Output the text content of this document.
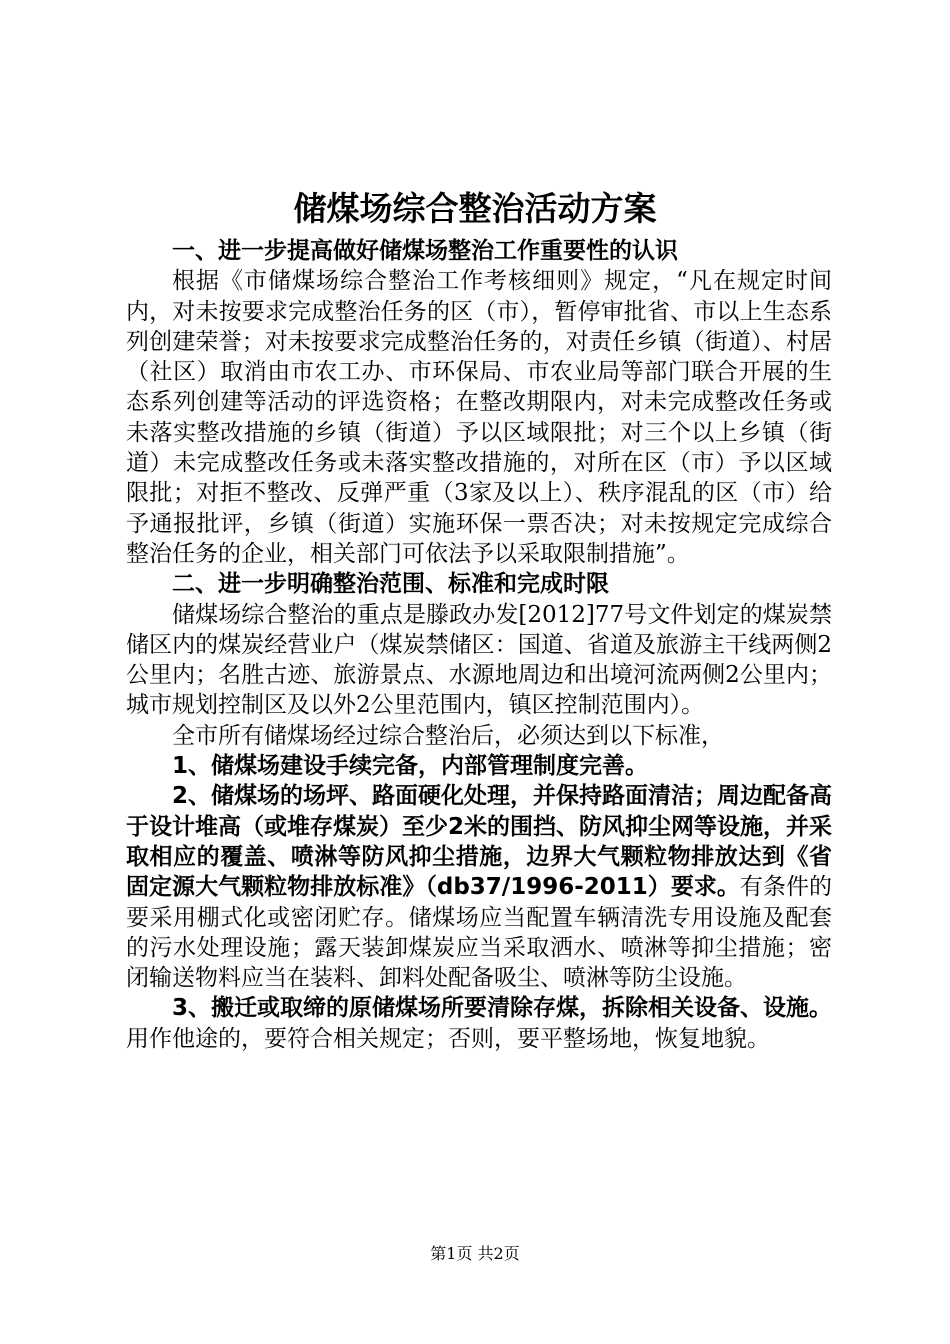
储煤场综合整治活动方案

一、进一步提高做好储煤场整治工作重要性的认识

根据《市储煤场综合整治工作考核细则》规定，“凡在规定时间内，对未按要求完成整治任务的区（市），暂停审批省、市以上生态系列创建荣誉；对未按要求完成整治任务的，对责任乡镇（街道）、村居（社区）取消由市农工办、市环保局、市农业局等部门联合开展的生态系列创建等活动的评选资格；在整改期限内，对未完成整改任务或未落实整改措施的乡镇（街道）予以区域限批；对三个以上乡镇（街道）未完成整改任务或未落实整改措施的，对所在区（市）予以区域限批；对拒不整改、反弹严重（3家及以上）、秩序混乱的区（市）给予通报批评，乡镇（街道）实施环保一票否决；对未按规定完成综合整治任务的企业，相关部门可依法予以采取限制措施”。

二、进一步明确整治范围、标准和完成时限

储煤场综合整治的重点是滕政办发[2012]77号文件划定的煤炭禁储区内的煤炭经营业户（煤炭禁储区：国道、省道及旅游主干线两侧2公里内；名胜古迹、旅游景点、水源地周边和出境河流两侧2公里内；城市规划控制区及以外2公里范围内，镇区控制范围内）。

全市所有储煤场经过综合整治后，必须达到以下标准，

1、储煤场建设手续完备，内部管理制度完善。

2、储煤场的场坪、路面硬化处理，并保持路面清洁；周边配备高于设计堆高（或堆存煤炭）至少2米的围挡、防风抑尘网等设施，并采取相应的覆盖、喷淋等防风抑尘措施，边界大气颗粒物排放达到《省固定源大气颗粒物排放标准》（db37/1996-2011）要求。有条件的要采用棚式化或密闭贮存。储煤场应当配置车辆清洗专用设施及配套的污水处理设施；露天装卸煤炭应当采取洒水、喷淋等抑尘措施；密闭输送物料应当在装料、卸料处配备吸尘、喷淋等防尘设施。

3、搬迁或取缔的原储煤场所要清除存煤，拆除相关设备、设施。用作他途的，要符合相关规定；否则，要平整场地，恢复地貌。

第1页 共2页
